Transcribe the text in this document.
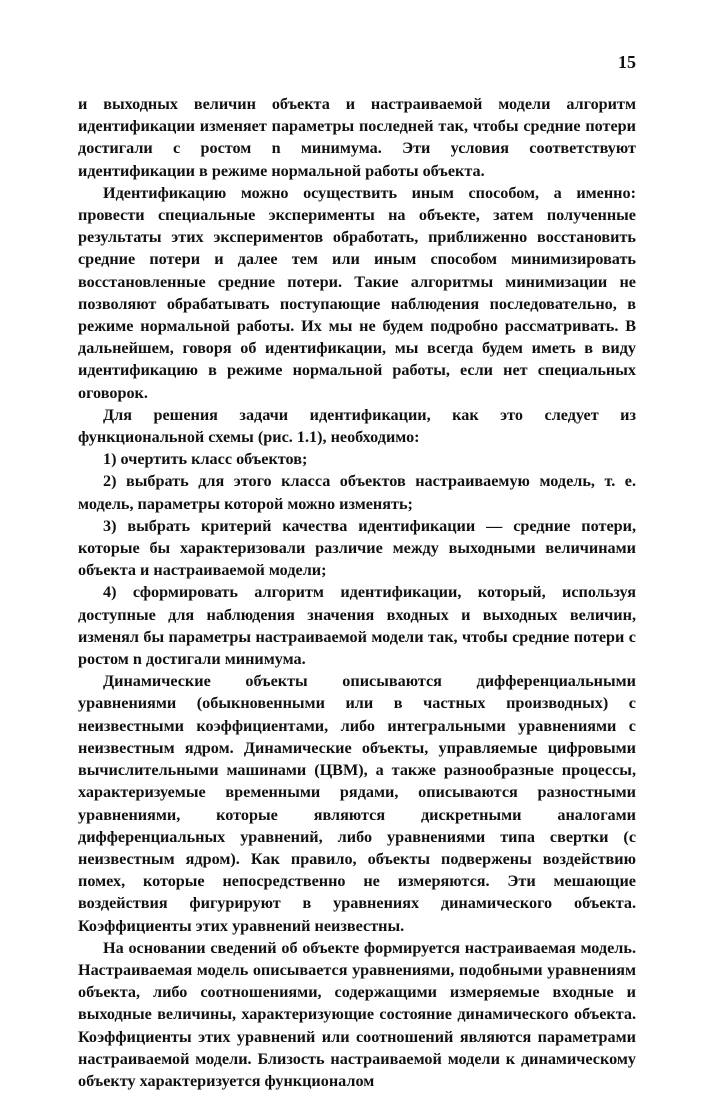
15

и выходных величин объекта и настраиваемой модели алгоритм идентификации изменяет параметры последней так, чтобы средние потери достигали с ростом n минимума. Эти условия соответствуют идентификации в режиме нормальной работы объекта.

Идентификацию можно осуществить иным способом, а именно: провести специальные эксперименты на объекте, затем полученные результаты этих экспериментов обработать, приближенно восстановить средние потери и далее тем или иным способом минимизировать восстановленные средние потери. Такие алгоритмы минимизации не позволяют обрабатывать поступающие наблюдения последовательно, в режиме нормальной работы. Их мы не будем подробно рассматривать. В дальнейшем, говоря об идентификации, мы всегда будем иметь в виду идентификацию в режиме нормальной работы, если нет специальных оговорок.

Для решения задачи идентификации, как это следует из функциональной схемы (рис. 1.1), необходимо:

1) очертить класс объектов;

2) выбрать для этого класса объектов настраиваемую модель, т. е. модель, параметры которой можно изменять;

3) выбрать критерий качества идентификации — средние потери, которые бы характеризовали различие между выходными величинами объекта и настраиваемой модели;

4) сформировать алгоритм идентификации, который, используя доступные для наблюдения значения входных и выходных величин, изменял бы параметры настраиваемой модели так, чтобы средние потери с ростом n достигали минимума.

Динамические объекты описываются дифференциальными уравнениями (обыкновенными или в частных производных) с неизвестными коэффициентами, либо интегральными уравнениями с неизвестным ядром. Динамические объекты, управляемые цифровыми вычислительными машинами (ЦВМ), а также разнообразные процессы, характеризуемые временными рядами, описываются разностными уравнениями, которые являются дискретными аналогами дифференциальных уравнений, либо уравнениями типа свертки (с неизвестным ядром). Как правило, объекты подвержены воздействию помех, которые непосредственно не измеряются. Эти мешающие воздействия фигурируют в уравнениях динамического объекта. Коэффициенты этих уравнений неизвестны.

На основании сведений об объекте формируется настраиваемая модель. Настраиваемая модель описывается уравнениями, подобными уравнениям объекта, либо соотношениями, содержащими измеряемые входные и выходные величины, характеризующие состояние динамического объекта. Коэффициенты этих уравнений или соотношений являются параметрами настраиваемой модели. Близость настраиваемой модели к динамическому объекту характеризуется функционалом
